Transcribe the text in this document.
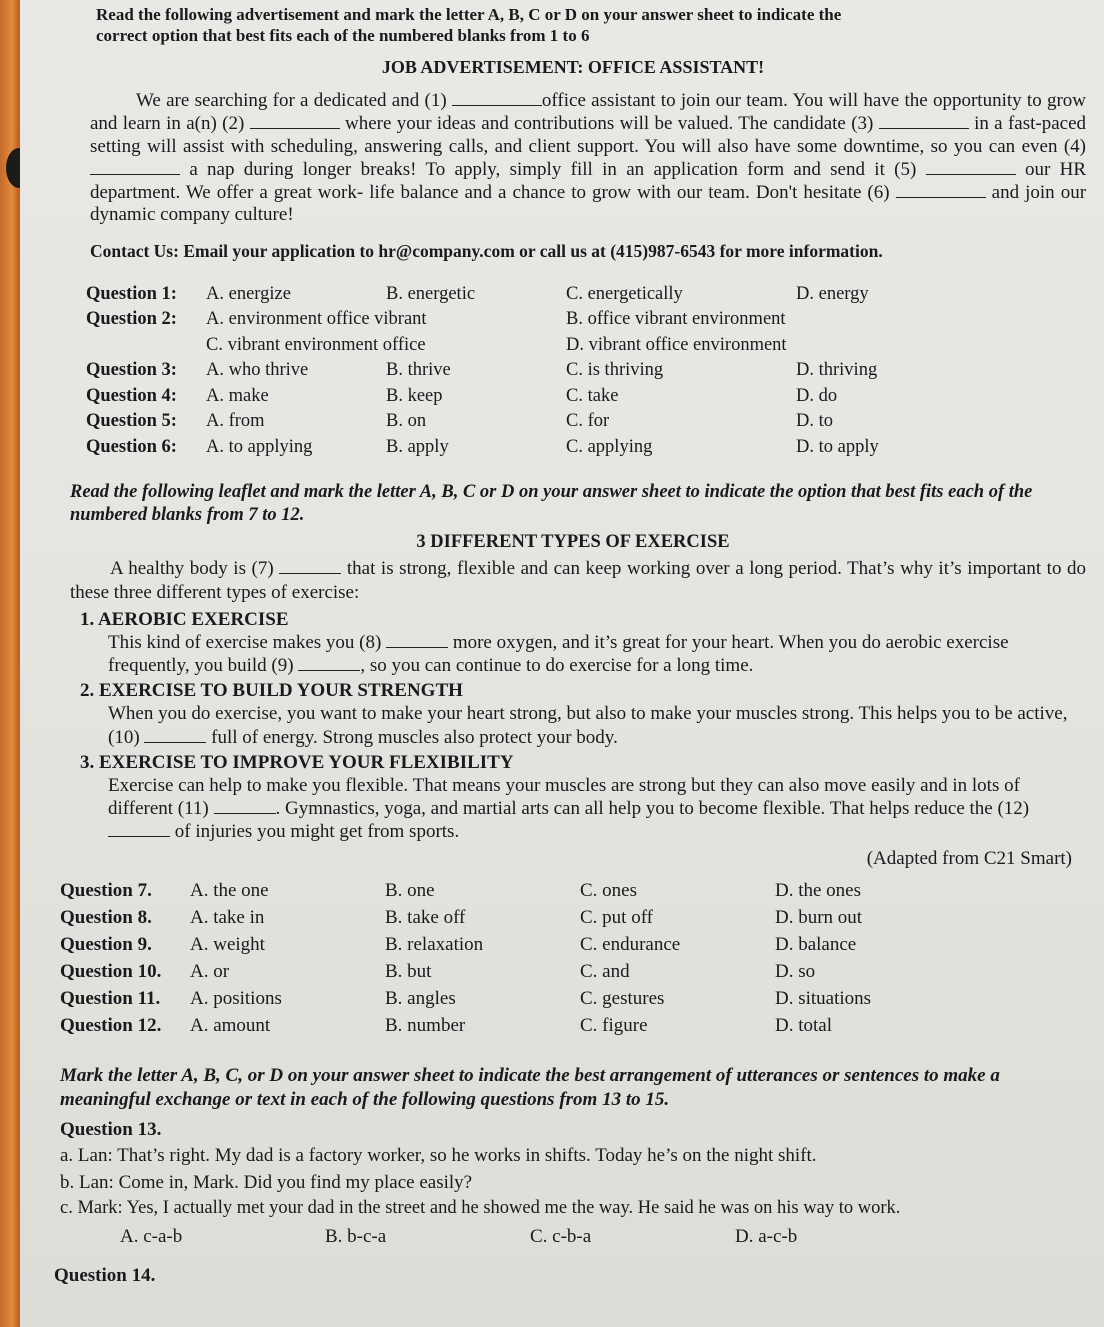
Read the following advertisement and mark the letter A, B, C or D on your answer sheet to indicate the
correct option that best fits each of the numbered blanks from 1 to 6
JOB ADVERTISEMENT: OFFICE ASSISTANT!
We are searching for a dedicated and (1)	office assistant to join our team. You will have the opportunity to grow and learn in a(n) (2)	where your ideas and contributions will be valued. The candidate (3)	in a fast-paced setting will assist with scheduling, answering calls, and client support. You will also have some downtime, so you can even (4)  a nap during longer breaks! To apply, simply fill in an application form and send it (5)	our HR department. We offer a great work- life balance and a chance to grow with our team. Don't hesitate (6)	and join our dynamic company culture!
Contact Us: Email your application to hr@company.com or call us at (415)987-6543 for more information.
Question 1:	A. energize	B. energetic	C. energetically	D. energy
Question 2:	A. environment office vibrant	B. office vibrant environment
C. vibrant environment office	D. vibrant office environment
Question 3:	A. who thrive	B. thrive	C. is thriving	D. thriving
Question 4:	A. make	B. keep	C. take	D. do
Question 5:	A. from	B. on	C. for	D. to
Question 6:	A. to applying	B. apply	C. applying	D. to apply
Read the following leaflet and mark the letter A, B, C or D on your answer sheet to indicate the option that best fits each of the numbered blanks from 7 to 12.
3 DIFFERENT TYPES OF EXERCISE
A healthy body is (7)	that is strong, flexible and can keep working over a long period. That’s why it’s important to do these three different types of exercise:
1. AEROBIC EXERCISE
This kind of exercise makes you (8)	more oxygen, and it’s great for your heart. When you do aerobic exercise frequently, you build (9)	, so you can continue to do exercise for a long time.
2. EXERCISE TO BUILD YOUR STRENGTH
When you do exercise, you want to make your heart strong, but also to make your muscles strong. This helps you to be active, (10)	full of energy. Strong muscles also protect your body.
3. EXERCISE TO IMPROVE YOUR FLEXIBILITY
Exercise can help to make you flexible. That means your muscles are strong but they can also move easily and in lots of different (11)	. Gymnastics, yoga, and martial arts can all help you to become flexible. That helps reduce the (12)  of injuries you might get from sports.
(Adapted from C21 Smart)
Question 7.	A. the one	B. one	C. ones	D. the ones
Question 8.	A. take in	B. take off	C. put off	D. burn out
Question 9.	A. weight	B. relaxation	C. endurance	D. balance
Question 10.	A. or	B. but	C. and	D. so
Question 11.	A. positions	B. angles	C. gestures	D. situations
Question 12.	A. amount	B. number	C. figure	D. total
Mark the letter A, B, C, or D on your answer sheet to indicate the best arrangement of utterances or sentences to make a meaningful exchange or text in each of the following questions from 13 to 15.
Question 13.
a. Lan: That’s right. My dad is a factory worker, so he works in shifts. Today he’s on the night shift.
b. Lan: Come in, Mark. Did you find my place easily?
c. Mark: Yes, I actually met your dad in the street and he showed me the way. He said he was on his way to work.
A. c-a-b	B. b-c-a	C. c-b-a	D. a-c-b
Question 14.
